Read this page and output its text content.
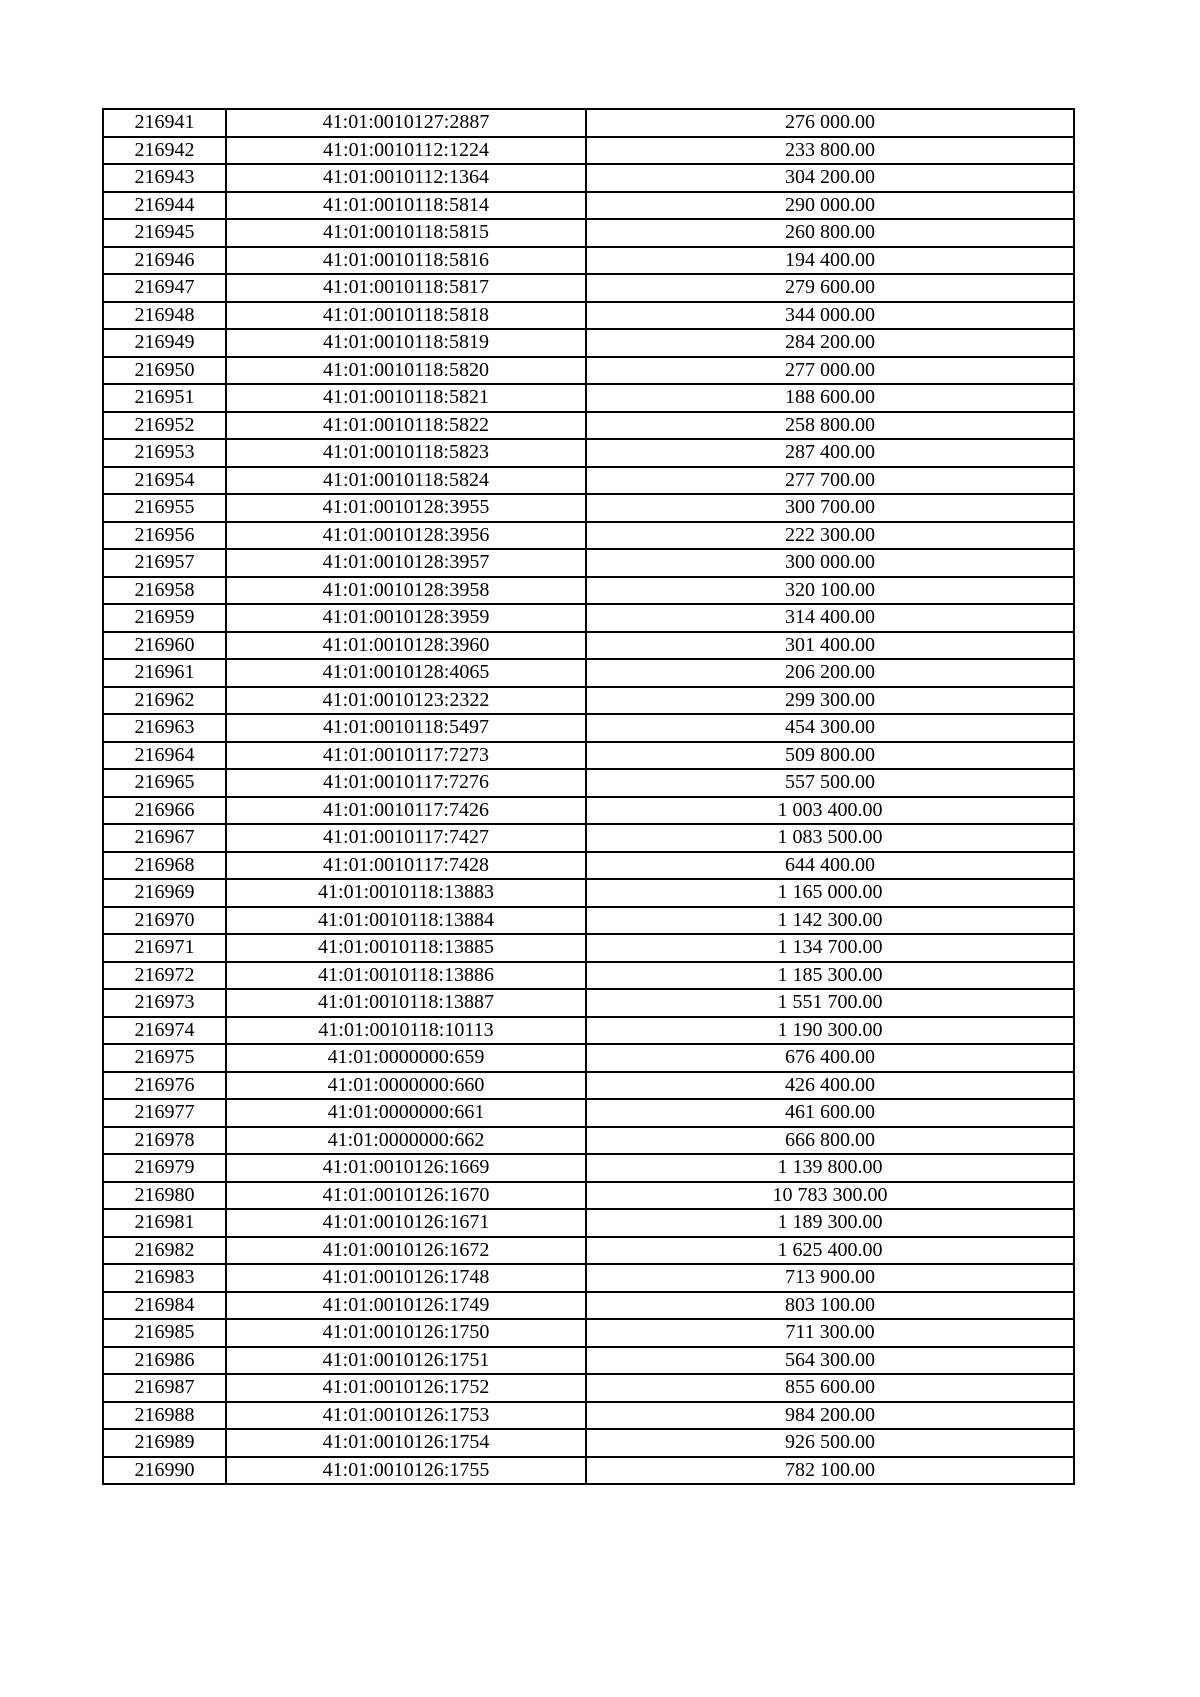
216941	41:01:0010127:2887	276 000.00
216942	41:01:0010112:1224	233 800.00
216943	41:01:0010112:1364	304 200.00
216944	41:01:0010118:5814	290 000.00
216945	41:01:0010118:5815	260 800.00
216946	41:01:0010118:5816	194 400.00
216947	41:01:0010118:5817	279 600.00
216948	41:01:0010118:5818	344 000.00
216949	41:01:0010118:5819	284 200.00
216950	41:01:0010118:5820	277 000.00
216951	41:01:0010118:5821	188 600.00
216952	41:01:0010118:5822	258 800.00
216953	41:01:0010118:5823	287 400.00
216954	41:01:0010118:5824	277 700.00
216955	41:01:0010128:3955	300 700.00
216956	41:01:0010128:3956	222 300.00
216957	41:01:0010128:3957	300 000.00
216958	41:01:0010128:3958	320 100.00
216959	41:01:0010128:3959	314 400.00
216960	41:01:0010128:3960	301 400.00
216961	41:01:0010128:4065	206 200.00
216962	41:01:0010123:2322	299 300.00
216963	41:01:0010118:5497	454 300.00
216964	41:01:0010117:7273	509 800.00
216965	41:01:0010117:7276	557 500.00
216966	41:01:0010117:7426	1 003 400.00
216967	41:01:0010117:7427	1 083 500.00
216968	41:01:0010117:7428	644 400.00
216969	41:01:0010118:13883	1 165 000.00
216970	41:01:0010118:13884	1 142 300.00
216971	41:01:0010118:13885	1 134 700.00
216972	41:01:0010118:13886	1 185 300.00
216973	41:01:0010118:13887	1 551 700.00
216974	41:01:0010118:10113	1 190 300.00
216975	41:01:0000000:659	676 400.00
216976	41:01:0000000:660	426 400.00
216977	41:01:0000000:661	461 600.00
216978	41:01:0000000:662	666 800.00
216979	41:01:0010126:1669	1 139 800.00
216980	41:01:0010126:1670	10 783 300.00
216981	41:01:0010126:1671	1 189 300.00
216982	41:01:0010126:1672	1 625 400.00
216983	41:01:0010126:1748	713 900.00
216984	41:01:0010126:1749	803 100.00
216985	41:01:0010126:1750	711 300.00
216986	41:01:0010126:1751	564 300.00
216987	41:01:0010126:1752	855 600.00
216988	41:01:0010126:1753	984 200.00
216989	41:01:0010126:1754	926 500.00
216990	41:01:0010126:1755	782 100.00
